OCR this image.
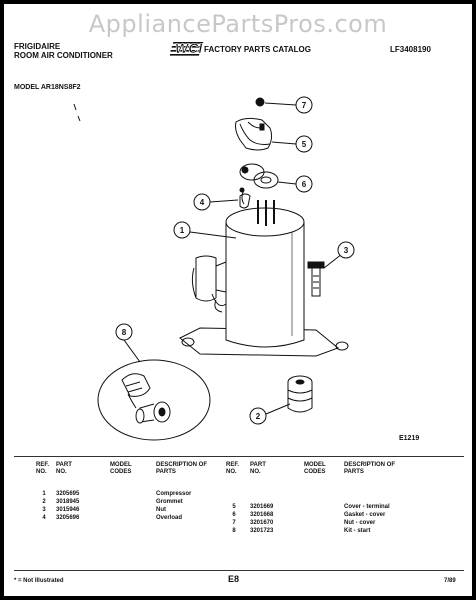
AppliancePartsPros.com
FRIGIDAIRE
ROOM AIR CONDITIONER	WCI FACTORY PARTS CATALOG	LF3408190
MODEL AR18NS8F2
7
5
6
4
1
3
8
2
E1219
REF. NO.
PART NO.
MODEL CODES
DESCRIPTION OF PARTS
REF. NO.
PART NO.
MODEL CODES
DESCRIPTION OF PARTS
1	3205695	Compressor
2	3018945	Grommet
3	3015946	Nut
4	3205696	Overload
5	3201669	Cover - terminal
6	3201668	Gasket - cover
7	3201670	Nut - cover
8	3201723	Kit - start
* = Not Illustrated	E8	7/89
